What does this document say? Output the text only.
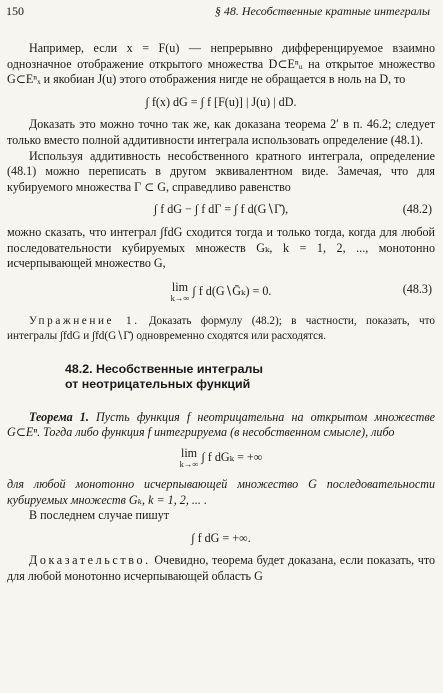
150	§ 48. Несобственные кратные интегралы

Например, если x = F(u) — непрерывно дифференцируемое взаимно однозначное отображение открытого множества D⊂Eⁿᵤ на открытое множество G⊂Eⁿₓ и якобиан J(u) этого отображения нигде не обращается в ноль на D, то

∫ f(x) dG = ∫ f [F(u)] | J(u) | dD.

Доказать это можно точно так же, как доказана теорема 2′ в п. 46.2; следует только вместо полной аддитивности интеграла использовать определение (48.1).

Используя аддитивность несобственного кратного интеграла, определение (48.1) можно перепиcать в другом эквивалентном виде. Замечая, что для кубируемого множества Γ ⊂ G, справедливо равенство

∫ f dG − ∫ f dΓ = ∫ f d(G∖Γ̄),	(48.2)

можно сказать, что интеграл ∫fdG сходится тогда и только тогда, когда для любой последовательности кубируемых множеств Gₖ, k = 1, 2, ..., монотонно исчерпывающей множество G,

lim
k→∞ ∫ f d(G∖Ḡₖ) = 0.	(48.3)

Упражнение 1. Доказать формулу (48.2); в частности, показать, что интегралы ∫fdG и ∫fd(G∖Γ̄) одновременно сходятся или расходятся.

48.2. Несобственные интегралы
от неотрицательных функций

Теорема 1. Пусть функция f неотрицательна на открытом множестве G⊂Eⁿ. Тогда либо функция f интегрируема (в несобственном смысле), либо

lim
k→∞ ∫ f dGₖ = +∞

для любой монотонно исчерпывающей множество G последовательности кубируемых множеств Gₖ, k = 1, 2, ... .

В последнем случае пишут

∫ f dG = +∞.

Доказательство. Очевидно, теорема будет доказана, если показать, что для любой монотонно исчерпывающей область G
